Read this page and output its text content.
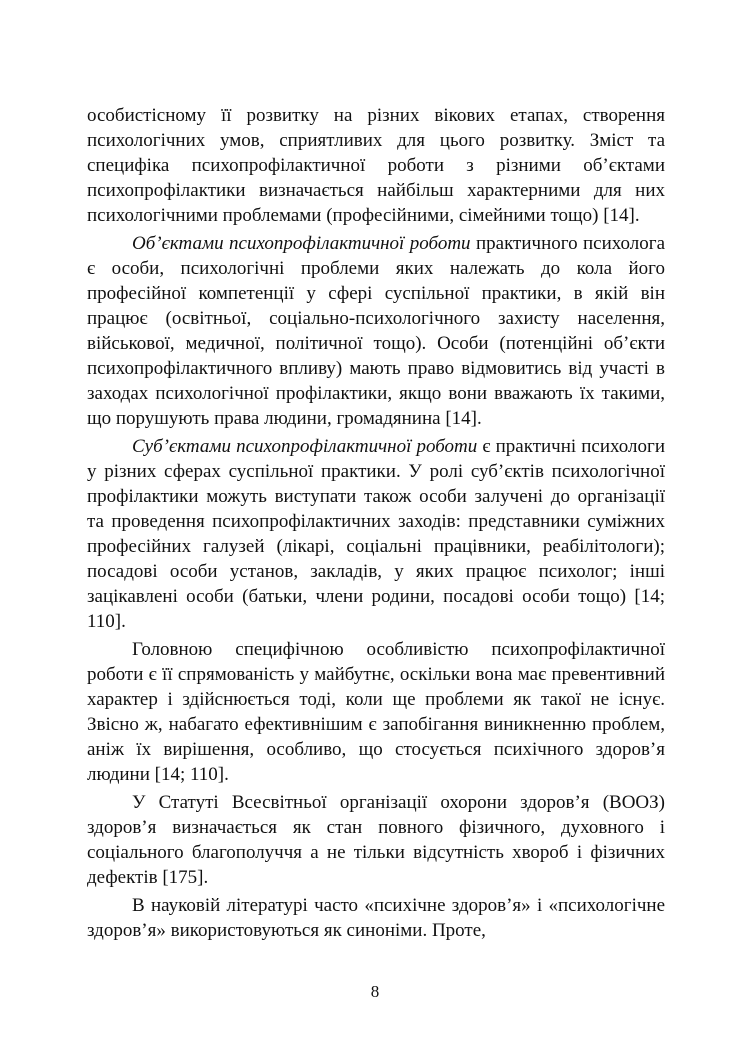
особистісному її розвитку на різних вікових етапах, створення психологічних умов, сприятливих для цього розвитку. Зміст та специфіка психопрофілактичної роботи з різними об’єктами психопрофілактики визначається найбільш характерними для них психологічними проблемами (професійними, сімейними тощо) [14].

Об’єктами психопрофілактичної роботи практичного психолога є особи, психологічні проблеми яких належать до кола його професійної компетенції у сфері суспільної практики, в якій він працює (освітньої, соціально-психологічного захисту населення, військової, медичної, політичної тощо). Особи (потенційні об’єкти психопрофілактичного впливу) мають право відмовитись від участі в заходах психологічної профілактики, якщо вони вважають їх такими, що порушують права людини, громадянина [14].

Суб’єктами психопрофілактичної роботи є практичні психологи у різних сферах суспільної практики. У ролі суб’єктів психологічної профілактики можуть виступати також особи залучені до організації та проведення психопрофілактичних заходів: представники суміжних професійних галузей (лікарі, соціальні працівники, реабілітологи); посадові особи установ, закладів, у яких працює психолог; інші зацікавлені особи (батьки, члени родини, посадові особи тощо) [14; 110].

Головною специфічною особливістю психопрофілактичної роботи є її спрямованість у майбутнє, оскільки вона має превентивний характер і здійснюється тоді, коли ще проблеми як такої не існує. Звісно ж, набагато ефективнішим є запобігання виникненню проблем, аніж їх вирішення, особливо, що стосується психічного здоров’я людини [14; 110].

У Статуті Всесвітньої організації охорони здоров’я (ВООЗ) здоров’я визначається як стан повного фізичного, духовного і соціального благополуччя а не тільки відсутність хвороб і фізичних дефектів [175].

В науковій літературі часто «психічне здоров’я» і «психологічне здоров’я» використовуються як синоніми. Проте,

8
